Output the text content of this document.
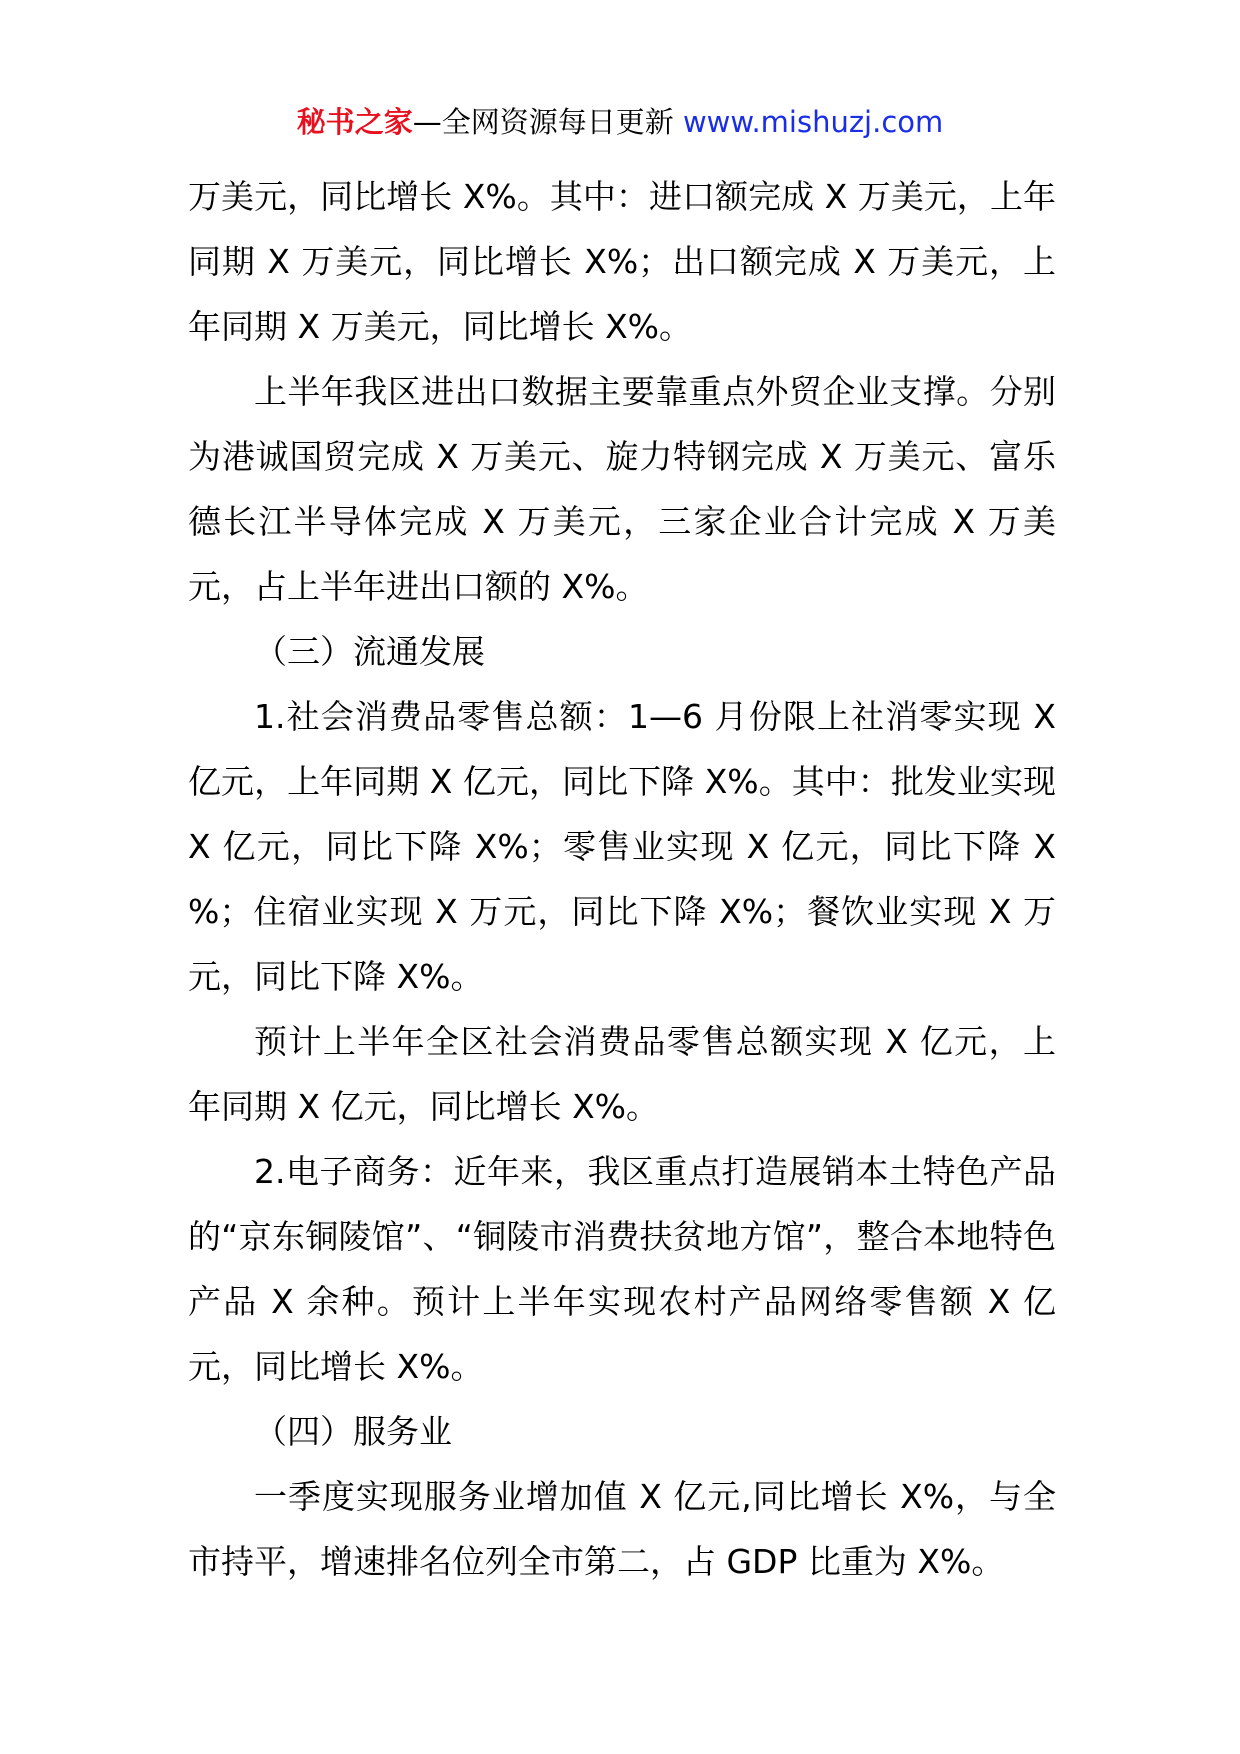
秘书之家—全网资源每日更新 www.mishuzj.com

万美元，同比增长 X%。其中：进口额完成 X 万美元，上年同期 X 万美元，同比增长 X%；出口额完成 X 万美元，上年同期 X 万美元，同比增长 X%。

上半年我区进出口数据主要靠重点外贸企业支撑。分别为港诚国贸完成 X 万美元、旋力特钢完成 X 万美元、富乐德长江半导体完成 X 万美元，三家企业合计完成 X 万美元，占上半年进出口额的 X%。

（三）流通发展

1.社会消费品零售总额：1—6 月份限上社消零实现 X 亿元，上年同期 X 亿元，同比下降 X%。其中：批发业实现 X 亿元，同比下降 X%；零售业实现 X 亿元，同比下降 X %；住宿业实现 X 万元，同比下降 X%；餐饮业实现 X 万元，同比下降 X%。

预计上半年全区社会消费品零售总额实现 X 亿元，上年同期 X 亿元，同比增长 X%。

2.电子商务：近年来，我区重点打造展销本土特色产品的“京东铜陵馆”、“铜陵市消费扶贫地方馆”，整合本地特色产品 X 余种。预计上半年实现农村产品网络零售额 X 亿元，同比增长 X%。

（四）服务业

一季度实现服务业增加值 X 亿元,同比增长 X%，与全市持平，增速排名位列全市第二，占 GDP 比重为 X%。
